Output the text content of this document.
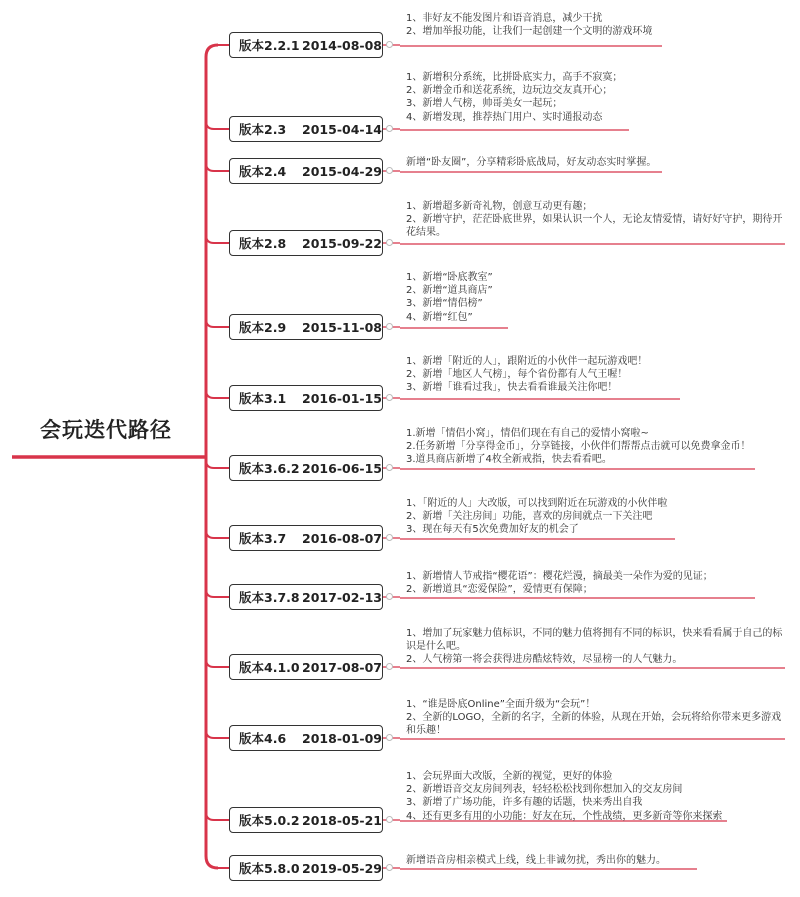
会玩迭代路径
版本2.2.1 2014-08-08
1、非好友不能发图片和语音消息，减少干扰
2、增加举报功能，让我们一起创建一个文明的游戏环境
版本2.3	2015-04-14
1、新增积分系统，比拼卧底实力，高手不寂寞；
2、新增金币和送花系统，边玩边交友真开心；
3、新增人气榜，帅哥美女一起玩；
4、新增发现，推荐热门用户、实时通报动态
版本2.4	2015-04-29
新增“卧友圈”，分享精彩卧底战局，好友动态实时掌握。
版本2.8	2015-09-22
1、新增超多新奇礼物，创意互动更有趣；
2、新增守护，茫茫卧底世界，如果认识一个人，无论友情爱情，请好好守护，期待开花结果。
版本2.9	2015-11-08
1、新增“卧底教室”
2、新增“道具商店”
3、新增“情侣榜”
4、新增“红包”
版本3.1	2016-01-15
1、新增「附近的人」，跟附近的小伙伴一起玩游戏吧！
2、新增「地区人气榜」，每个省份都有人气王喔！
3、新增「谁看过我」，快去看看谁最关注你吧！
版本3.6.2 2016-06-15
1.新增「情侣小窝」，情侣们现在有自己的爱情小窝啦~
2.任务新增「分享得金币」，分享链接，小伙伴们帮帮点击就可以免费拿金币！
3.道具商店新增了4枚全新戒指，快去看看吧。
版本3.7	2016-08-07
1、「附近的人」大改版，可以找到附近在玩游戏的小伙伴啦
2、新增「关注房间」功能，喜欢的房间就点一下关注吧
3、现在每天有5次免费加好友的机会了
版本3.7.8 2017-02-13
1、新增情人节戒指“樱花语”：樱花烂漫，摘最美一朵作为爱的见证；
2、新增道具“恋爱保险”，爱情更有保障；
版本4.1.0 2017-08-07
1、增加了玩家魅力值标识，不同的魅力值将拥有不同的标识，快来看看属于自己的标识是什么吧。
2、人气榜第一将会获得进房酷炫特效，尽显榜一的人气魅力。
版本4.6	2018-01-09
1、“谁是卧底Online”全面升级为“会玩”！
2、全新的LOGO，全新的名字，全新的体验，从现在开始，会玩将给你带来更多游戏和乐趣！
版本5.0.2 2018-05-21
1、会玩界面大改版，全新的视觉，更好的体验
2、新增语音交友房间列表，轻轻松松找到你想加入的交友房间
3、新增了广场功能，许多有趣的话题，快来秀出自我
4、还有更多有用的小功能：好友在玩，个性战绩，更多新奇等你来探索
版本5.8.0 2019-05-29 新增语音房相亲模式上线，线上非诚勿扰，秀出你的魅力。
